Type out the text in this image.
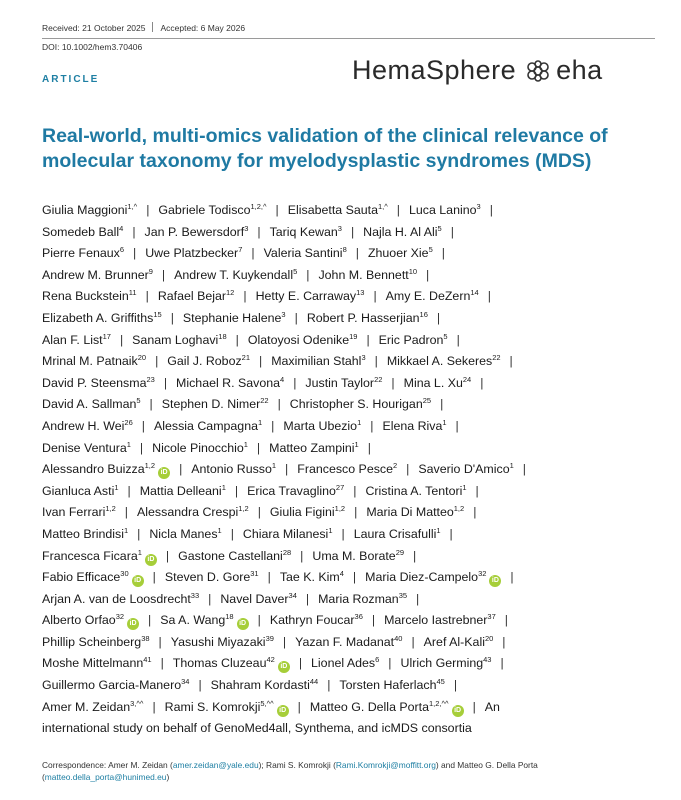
Received: 21 October 2025 Accepted: 6 May 2026
DOI: 10.1002/hem3.70406
ARTICLE	HemaSphere eha
Real-world, multi-omics validation of the clinical relevance of molecular taxonomy for myelodysplastic syndromes (MDS)
Giulia Maggioni$^{1,\^{}}$ | Gabriele Todisco$^{1,2,\^{}}$ | Elisabetta Sauta$^{1,\^{}}$ | Luca Lanino$^3$ |
Somedeb Ball$^4$ | Jan P. Bewersdorf$^3$ | Tariq Kewan$^3$ | Najla H. Al Ali$^5$ |
Pierre Fenaux$^6$ | Uwe Platzbecker$^7$ | Valeria Santini$^8$ | Zhuoer Xie$^5$ |
Andrew M. Brunner$^9$ | Andrew T. Kuykendall$^5$ | John M. Bennett$^{10}$ |
Rena Buckstein$^{11}$ | Rafael Bejar$^{12}$ | Hetty E. Carraway$^{13}$ | Amy E. DeZern$^{14}$ |
Elizabeth A. Griffiths$^{15}$ | Stephanie Halene$^3$ | Robert P. Hasserjian$^{16}$ |
Alan F. List$^{17}$ | Sanam Loghavi$^{18}$ | Olatoyosi Odenike$^{19}$ | Eric Padron$^5$ |
Mrinal M. Patnaik$^{20}$ | Gail J. Roboz$^{21}$ | Maximilian Stahl$^3$ | Mikkael A. Sekeres$^{22}$ |
David P. Steensma$^{23}$ | Michael R. Savona$^4$ | Justin Taylor$^{22}$ | Mina L. Xu$^{24}$ |
David A. Sallman$^5$ | Stephen D. Nimer$^{22}$ | Christopher S. Hourigan$^{25}$ |
Andrew H. Wei$^{26}$ | Alessia Campagna$^1$ | Marta Ubezio$^1$ | Elena Riva$^1$ |
Denise Ventura$^1$ | Nicole Pinocchio$^1$ | Matteo Zampini$^1$ |
Alessandro Buizza$^{1,2}$iD | Antonio Russo$^1$ | Francesco Pesce$^2$ | Saverio D'Amico$^1$ |
Gianluca Asti$^1$ | Mattia Delleani$^1$ | Erica Travaglino$^{27}$ | Cristina A. Tentori$^1$ |
Ivan Ferrari$^{1,2}$ | Alessandra Crespi$^{1,2}$ | Giulia Figini$^{1,2}$ | Maria Di Matteo$^{1,2}$ |
Matteo Brindisi$^1$ | Nicla Manes$^1$ | Chiara Milanesi$^1$ | Laura Crisafulli$^1$ |
Francesca Ficara$^1$iD | Gastone Castellani$^{28}$ | Uma M. Borate$^{29}$ |
Fabio Efficace$^{30}$iD | Steven D. Gore$^{31}$ | Tae K. Kim$^4$ | Maria Diez-Campelo$^{32}$iD |
Arjan A. van de Loosdrecht$^{33}$ | Navel Daver$^{34}$ | Maria Rozman$^{35}$ |
Alberto Orfao$^{32}$iD | Sa A. Wang$^{18}$iD | Kathryn Foucar$^{36}$ | Marcelo Iastrebner$^{37}$ |
Phillip Scheinberg$^{38}$ | Yasushi Miyazaki$^{39}$ | Yazan F. Madanat$^{40}$ | Aref Al-Kali$^{20}$ |
Moshe Mittelmann$^{41}$ | Thomas Cluzeau$^{42}$iD | Lionel Ades$^6$ | Ulrich Germing$^{43}$ |
Guillermo Garcia-Manero$^{34}$ | Shahram Kordasti$^{44}$ | Torsten Haferlach$^{45}$ |
Amer M. Zeidan$^{3,\^{}\^{}}$ | Rami S. Komrokji$^{5,\^{}\^{}}$iD | Matteo G. Della Porta$^{1,2,\^{}\^{}}$iD | An
international study on behalf of GenoMed4all, Synthema, and icMDS consortia
Correspondence: Amer M. Zeidan (amer.zeidan@yale.edu); Rami S. Komrokji (Rami.Komrokji@moffitt.org) and Matteo G. Della Porta (matteo.della_porta@hunimed.eu)
